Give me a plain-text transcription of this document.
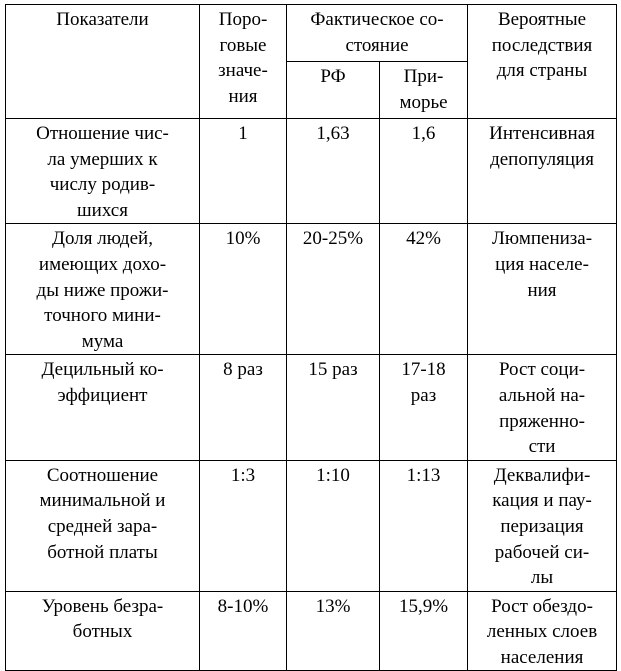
Показатели	Поро-
говые
значе-
ния	Фактическое со-
стояние		Вероятные
последствия
для страны

		РФ	При-
морье	

Отношение чис-
ла умерших к
числу родив-
шихся	1	1,63	1,6	Интенсивная
депопуляция

Доля людей,
имеющих дохо-
ды ниже прожи-
точного мини-
мума	10%	20-25%	42%	Люмпениза-
ция населе-
ния

Децильный ко-
эффициент	8 раз	15 раз	17-18
раз	Рост соци-
альной на-
пряженно-
сти

Соотношение
минимальной и
средней зара-
ботной платы	1:3	1:10	1:13	Деквалифи-
кация и пау-
перизация
рабочей си-
лы

Уровень безра-
ботных	8-10%	13%	15,9%	Рост обездо-
ленных слоев
населения
